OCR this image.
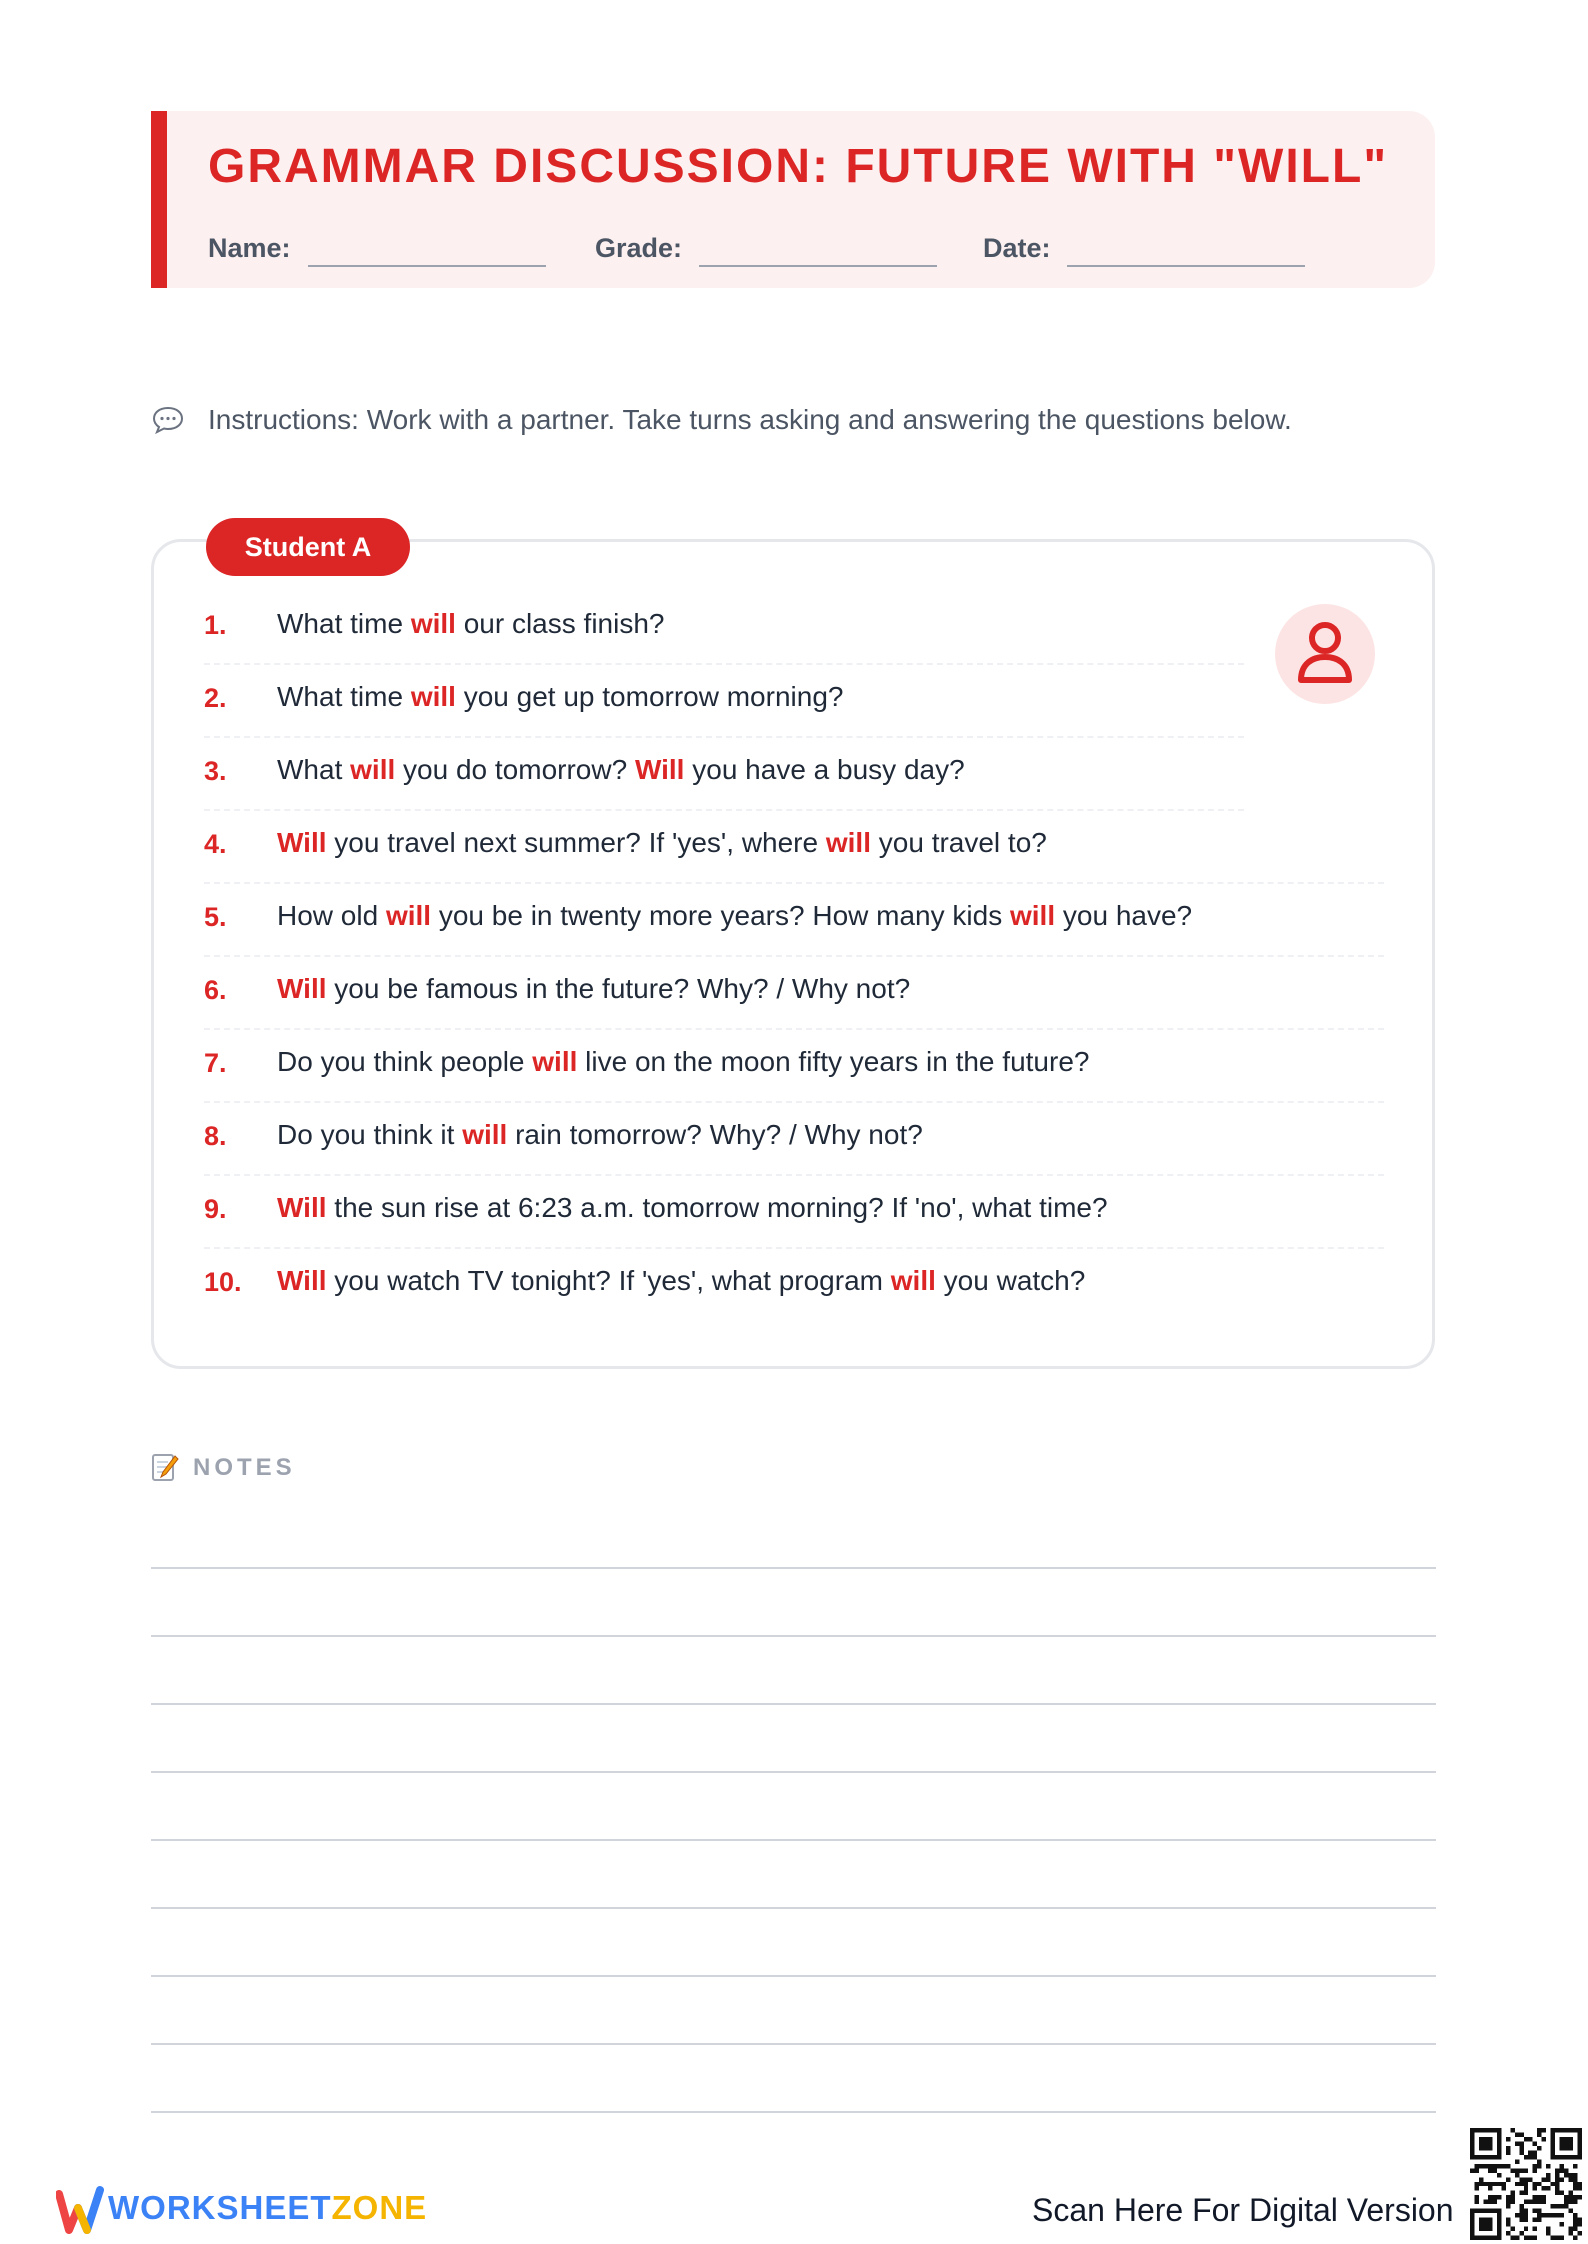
GRAMMAR DISCUSSION: FUTURE WITH "WILL"
Name:	Grade:	Date:
Instructions: Work with a partner. Take turns asking and answering the questions below.
Student A
1. What time will our class finish?
2. What time will you get up tomorrow morning?
3. What will you do tomorrow? Will you have a busy day?
4. Will you travel next summer? If 'yes', where will you travel to?
5. How old will you be in twenty more years? How many kids will you have?
6. Will you be famous in the future? Why? / Why not?
7. Do you think people will live on the moon fifty years in the future?
8. Do you think it will rain tomorrow? Why? / Why not?
9. Will the sun rise at 6:23 a.m. tomorrow morning? If 'no', what time?
10. Will you watch TV tonight? If 'yes', what program will you watch?
NOTES
WORKSHEETZONE	Scan Here For Digital Version
